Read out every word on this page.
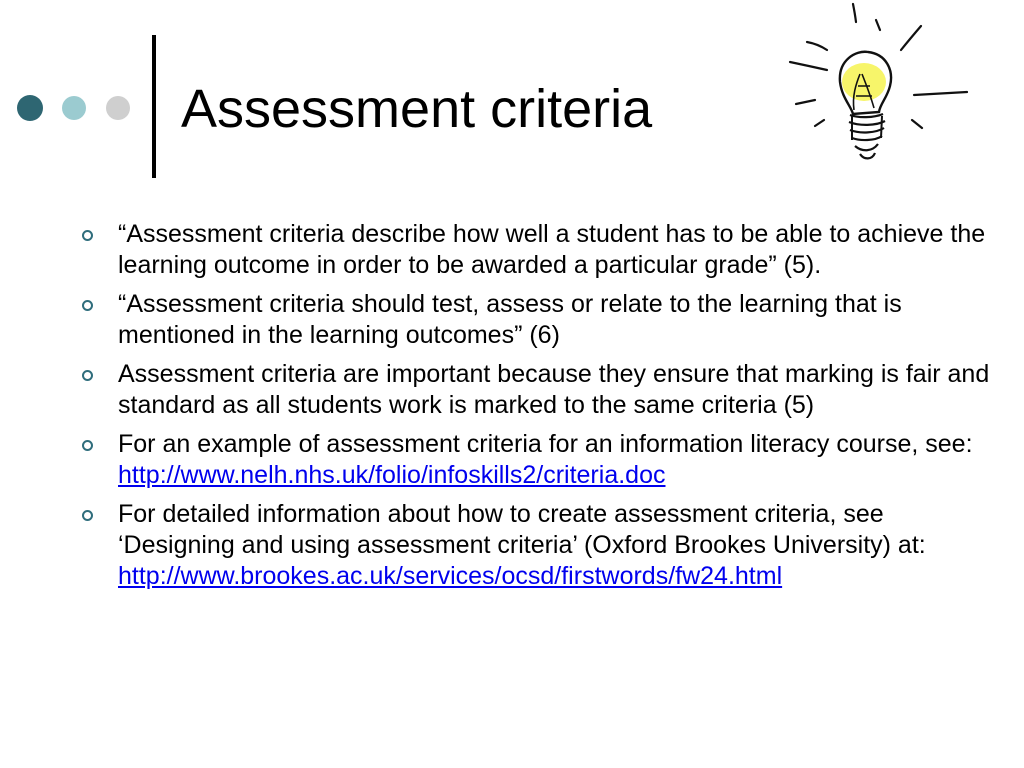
Assessment criteria
“Assessment criteria describe how well a student has to be able to achieve the learning outcome in order to be awarded a particular grade” (5).
“Assessment criteria should test, assess or relate to the learning that is mentioned in the learning outcomes” (6)
Assessment criteria are important because they ensure that marking is fair and standard as all students work is marked to the same criteria (5)
For an example of assessment criteria for an information literacy course, see: http://www.nelh.nhs.uk/folio/infoskills2/criteria.doc
For detailed information about how to create assessment criteria, see ‘Designing and using assessment criteria’ (Oxford Brookes University) at: http://www.brookes.ac.uk/services/ocsd/firstwords/fw24.html
